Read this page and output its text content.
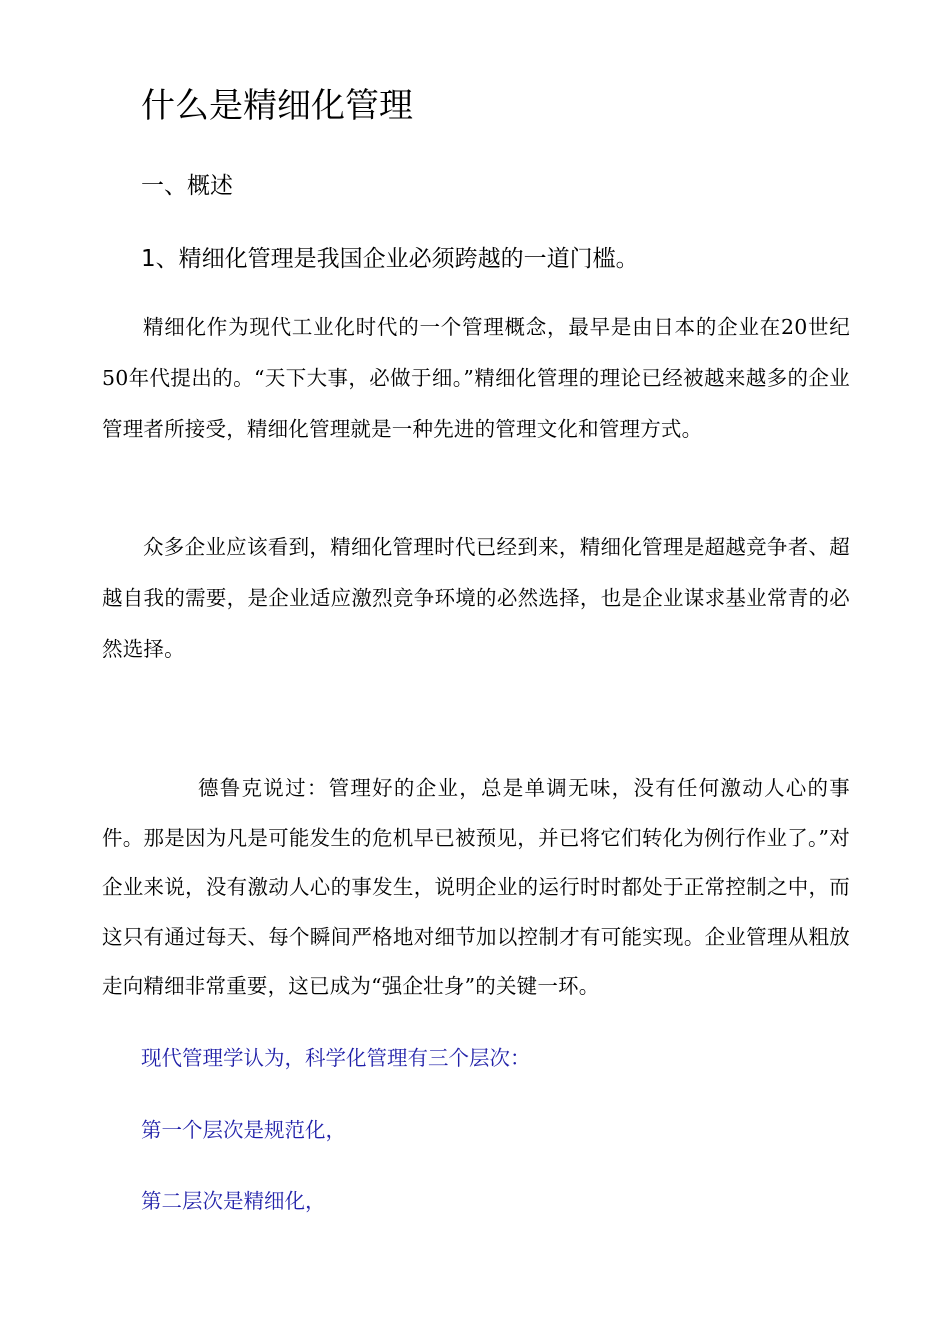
什么是精细化管理
一、概述
1、精细化管理是我国企业必须跨越的一道门槛。

精细化作为现代工业化时代的一个管理概念，最早是由日本的企业在20世纪50年代提出的。“天下大事，必做于细。”精细化管理的理论已经被越来越多的企业管理者所接受，精细化管理就是一种先进的管理文化和管理方式。

众多企业应该看到，精细化管理时代已经到来，精细化管理是超越竞争者、超越自我的需要，是企业适应激烈竞争环境的必然选择，也是企业谋求基业常青的必然选择。

德鲁克说过：管理好的企业，总是单调无味，没有任何激动人心的事件。那是因为凡是可能发生的危机早已被预见，并已将它们转化为例行作业了。”对企业来说，没有激动人心的事发生，说明企业的运行时时都处于正常控制之中，而这只有通过每天、每个瞬间严格地对细节加以控制才有可能实现。企业管理从粗放走向精细非常重要，这已成为“强企壮身”的关键一环。

现代管理学认为，科学化管理有三个层次：

第一个层次是规范化，

第二层次是精细化，
